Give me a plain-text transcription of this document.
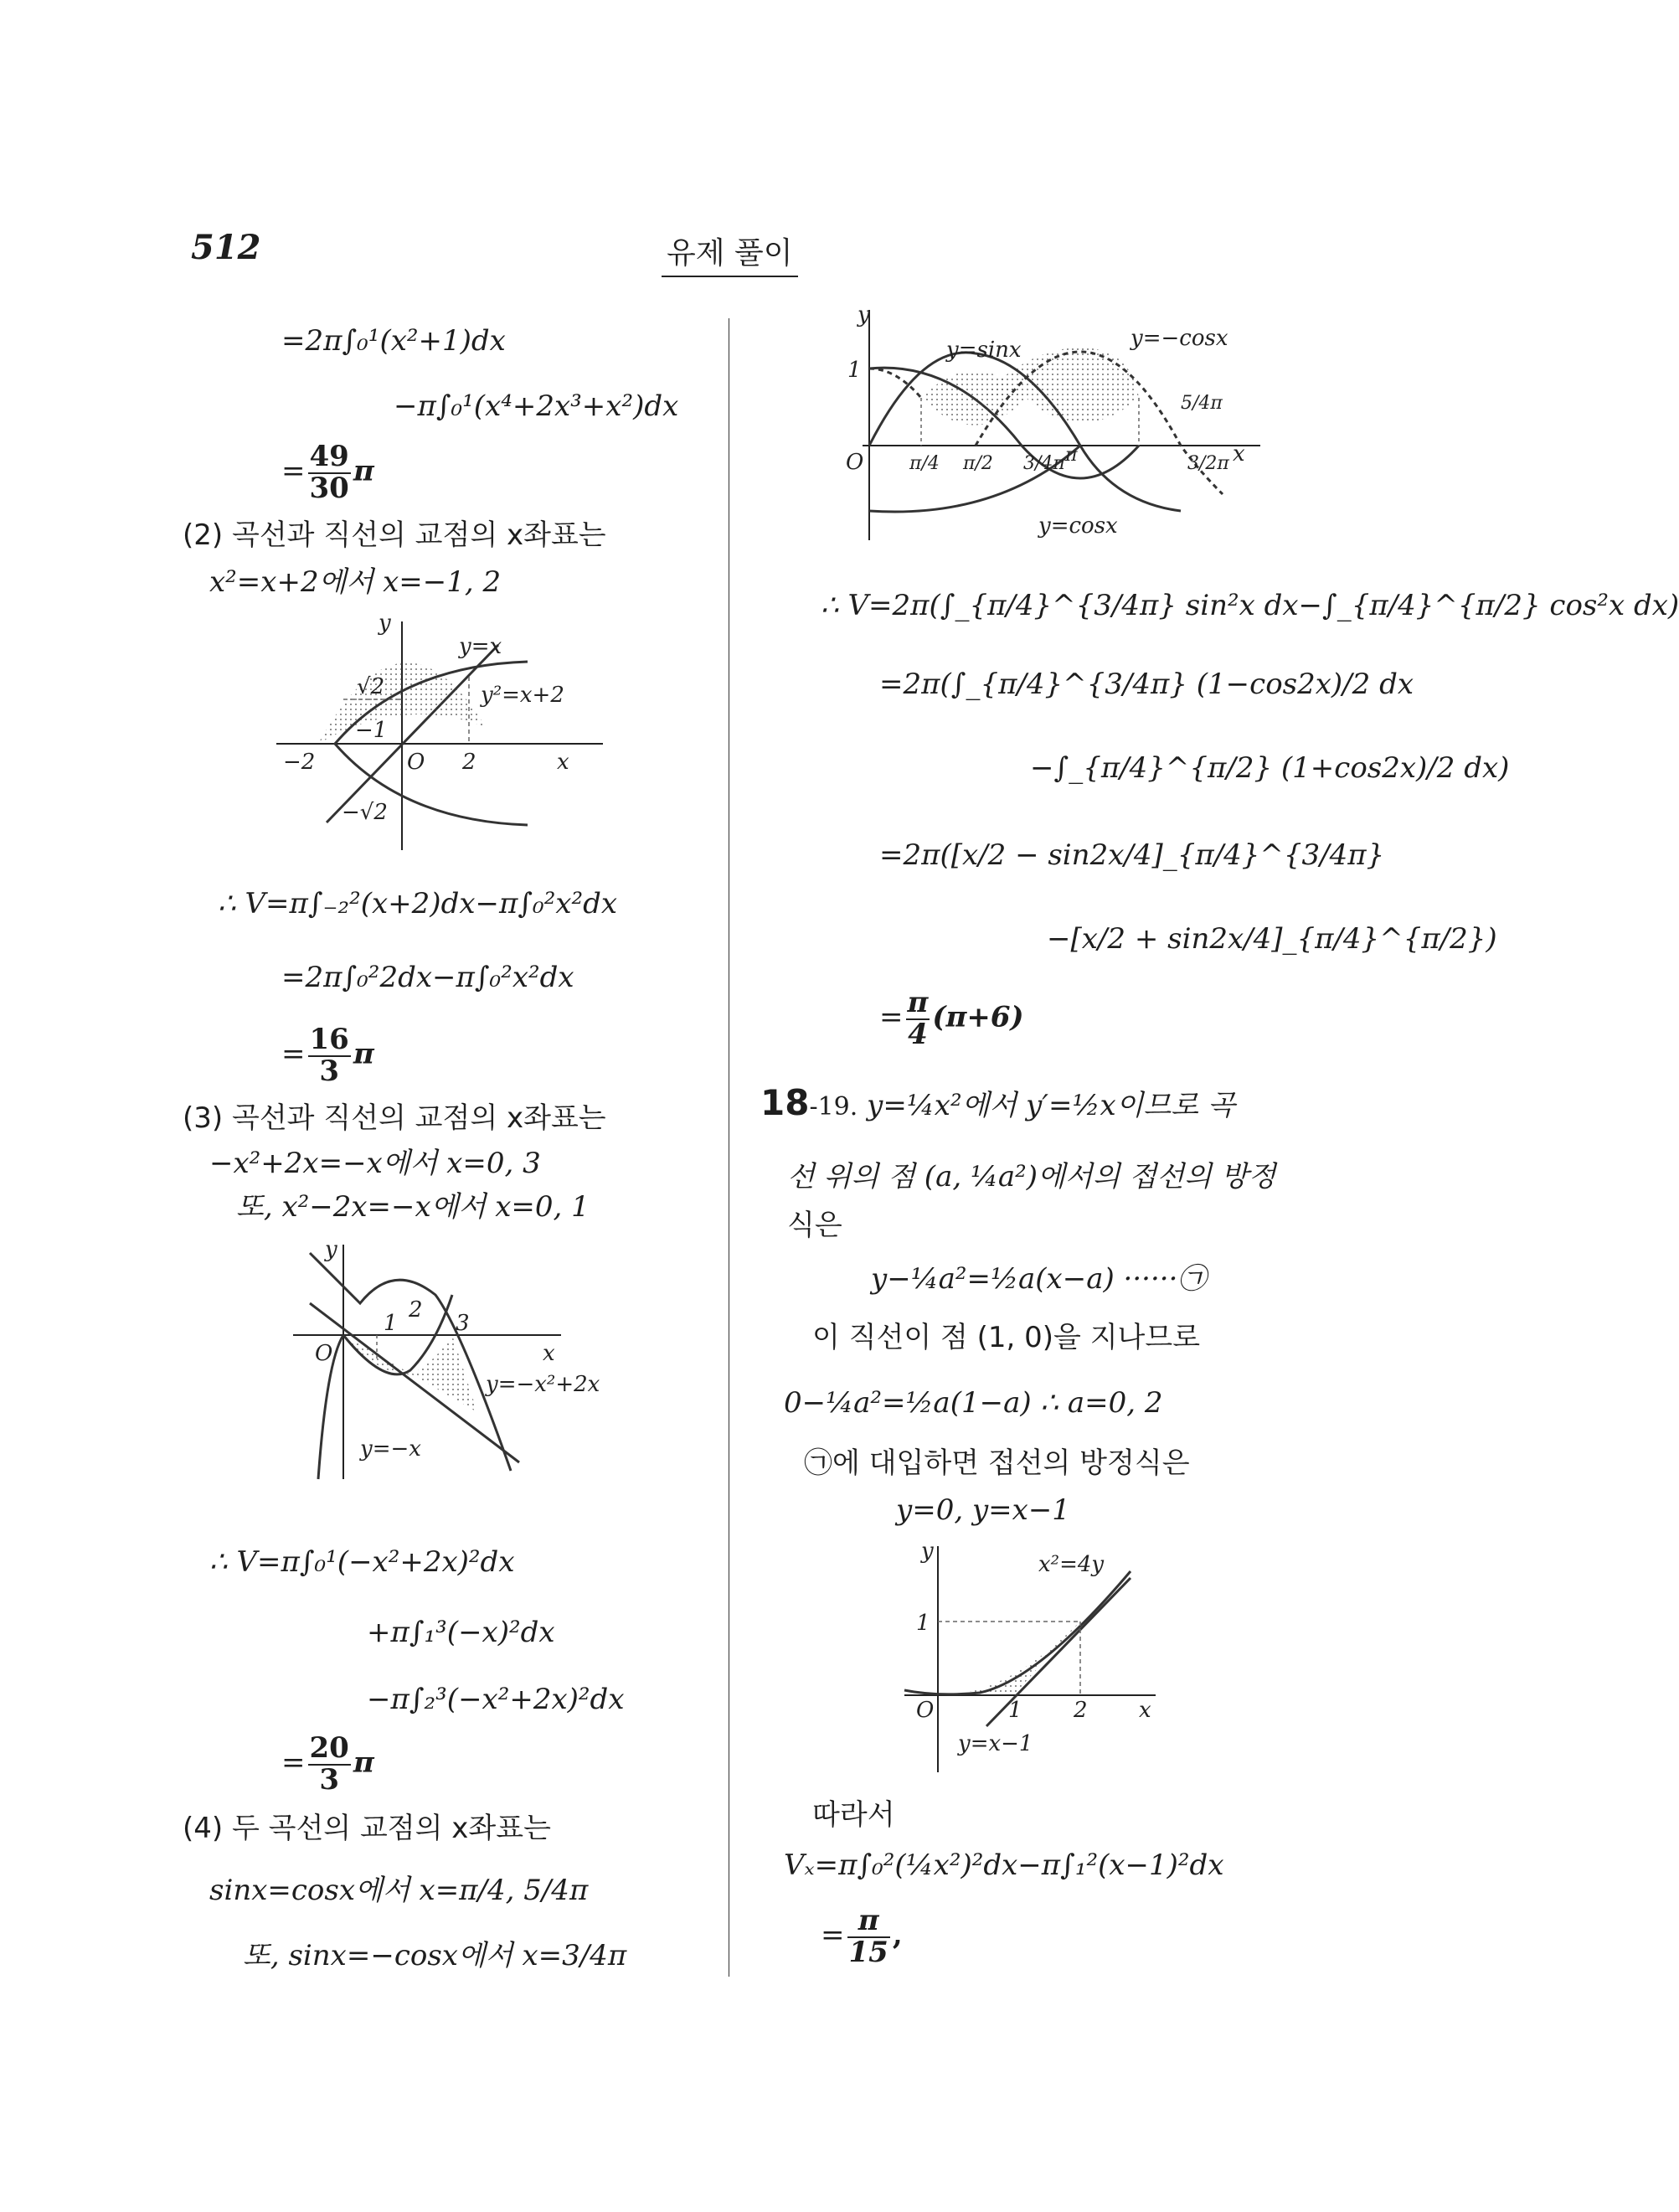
512	유제 풀이
=2π∫₀¹(x²+1)dx
−π∫₀¹(x⁴+2x³+x²)dx
= $\frac{49}{30}$ π
(2) 곡선과 직선의 교점의 x좌표는
x²=x+2에서 x=−1, 2
y
y=x
√2	y²=x+2
−1
−2	O 2	x
−√2
∴ V=π∫₋₂²(x+2)dx−π∫₀²x²dx
=2π∫₀²2dx−π∫₀²x²dx
= $\frac{16}{3}$ π
(3) 곡선과 직선의 교점의 x좌표는
−x²+2x=−x에서 x=0, 3
또, x²−2x=−x에서 x=0, 1
y
O
1
2
3
x
y=−x²+2x
y=−x
∴ V=π∫₀¹(−x²+2x)²dx
+π∫₁³(−x)²dx
−π∫₂³(−x²+2x)²dx
= $\frac{20}{3}$ π
(4) 두 곡선의 교점의 x좌표는
sinx=cosx에서 x=π/4, 5/4π
또, sinx=−cosx에서 x=3/4π
y
1
O
y=sinx	y=−cosx
5/4π
π/4 π/2 3/4π π	3/2π x
y=cosx
∴ V=2π(∫_{π/4}^{3/4π} sin²x dx−∫_{π/4}^{π/2} cos²x dx)
=2π(∫_{π/4}^{3/4π} (1−cos2x)/2 dx
−∫_{π/4}^{π/2} (1+cos2x)/2 dx)
=2π([x/2 − sin2x/4]_{π/4}^{3/4π}
−[x/2 + sin2x/4]_{π/4}^{π/2})
= $\frac{\pi}{4} (\pi+6)$
18-19. y=¼x²에서 y′=½x이므로 곡
선 위의 점 (a, ¼a²)에서의 접선의 방정
식은
y−¼a²=½a(x−a) ······㉠
이 직선이 점 (1, 0)을 지나므로
0−¼a²=½a(1−a) ∴ a=0, 2
㉠에 대입하면 접선의 방정식은
y=0, y=x−1
y
x²=4y
1
O	1 2 x
y=x−1
따라서
Vₓ=π∫₀²(¼x²)²dx−π∫₁²(x−1)²dx
= $\frac{\pi}{15}$ ,
